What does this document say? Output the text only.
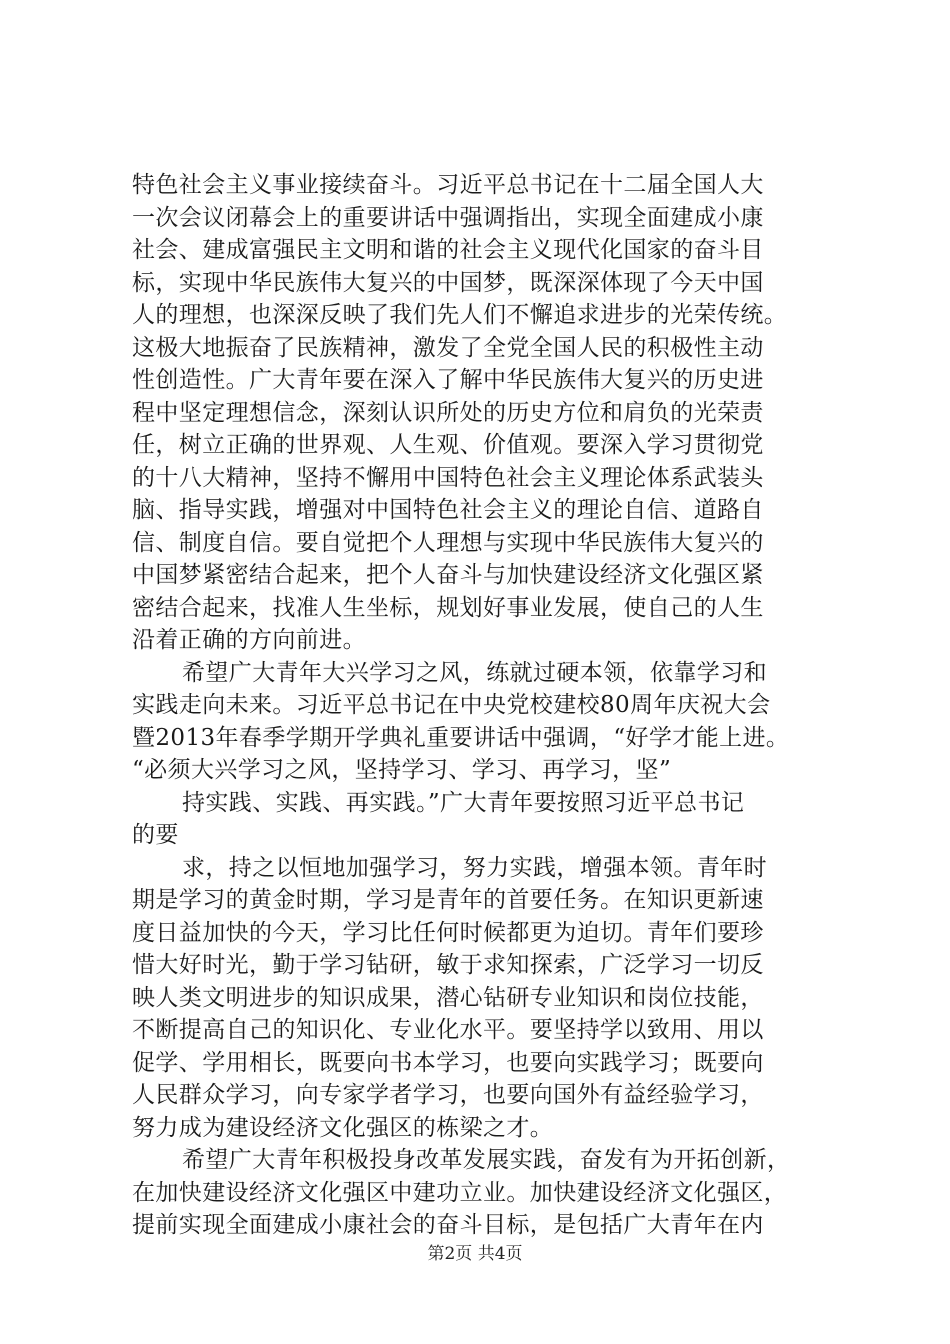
特色社会主义事业接续奋斗。习近平总书记在十二届全国人大
一次会议闭幕会上的重要讲话中强调指出，实现全面建成小康
社会、建成富强民主文明和谐的社会主义现代化国家的奋斗目
标，实现中华民族伟大复兴的中国梦，既深深体现了今天中国
人的理想，也深深反映了我们先人们不懈追求进步的光荣传统。
这极大地振奋了民族精神，激发了全党全国人民的积极性主动
性创造性。广大青年要在深入了解中华民族伟大复兴的历史进
程中坚定理想信念，深刻认识所处的历史方位和肩负的光荣责
任，树立正确的世界观、人生观、价值观。要深入学习贯彻党
的十八大精神，坚持不懈用中国特色社会主义理论体系武装头
脑、指导实践，增强对中国特色社会主义的理论自信、道路自
信、制度自信。要自觉把个人理想与实现中华民族伟大复兴的
中国梦紧密结合起来，把个人奋斗与加快建设经济文化强区紧
密结合起来，找准人生坐标，规划好事业发展，使自己的人生
沿着正确的方向前进。
希望广大青年大兴学习之风，练就过硬本领，依靠学习和
实践走向未来。习近平总书记在中央党校建校80周年庆祝大会
暨2013年春季学期开学典礼重要讲话中强调，“好学才能上进。
“必须大兴学习之风，坚持学习、学习、再学习，坚”
持实践、实践、再实践。”广大青年要按照习近平总书记
的要
求，持之以恒地加强学习，努力实践，增强本领。青年时
期是学习的黄金时期，学习是青年的首要任务。在知识更新速
度日益加快的今天，学习比任何时候都更为迫切。青年们要珍
惜大好时光，勤于学习钻研，敏于求知探索，广泛学习一切反
映人类文明进步的知识成果，潜心钻研专业知识和岗位技能，
不断提高自己的知识化、专业化水平。要坚持学以致用、用以
促学、学用相长，既要向书本学习，也要向实践学习；既要向
人民群众学习，向专家学者学习，也要向国外有益经验学习，
努力成为建设经济文化强区的栋梁之才。
希望广大青年积极投身改革发展实践，奋发有为开拓创新，
在加快建设经济文化强区中建功立业。加快建设经济文化强区，
提前实现全面建成小康社会的奋斗目标，是包括广大青年在内
第2页 共4页
